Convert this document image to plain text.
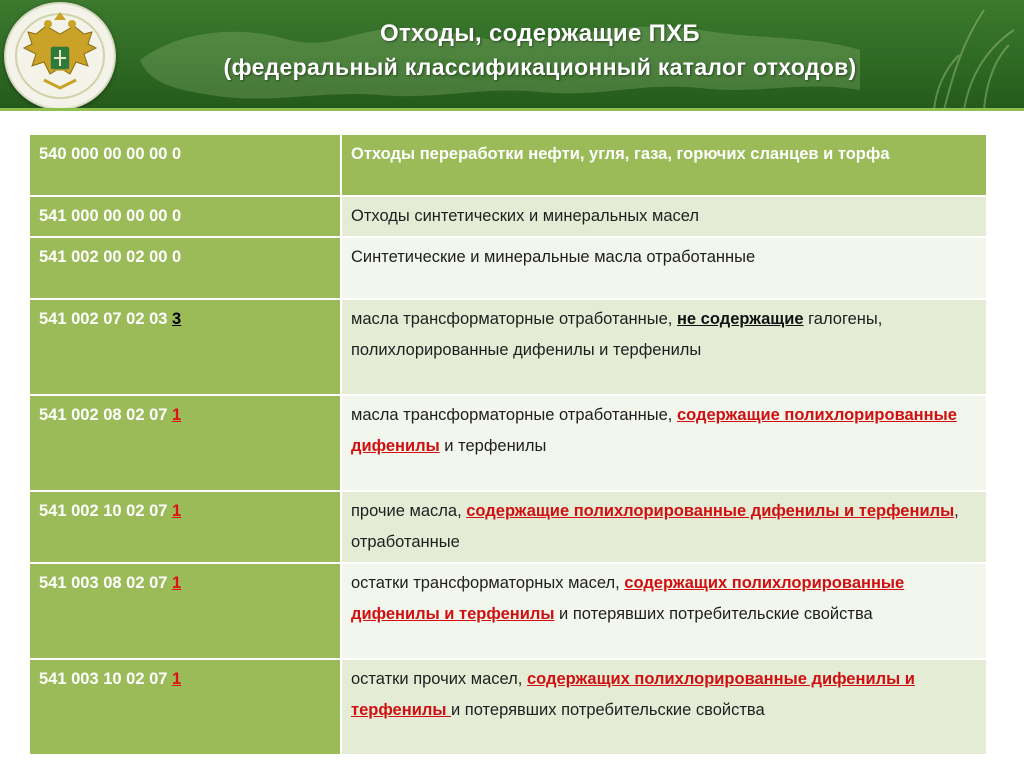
Отходы, содержащие ПХБ
(федеральный классификационный каталог отходов)
540 000 00 00 00 0	Отходы переработки нефти, угля, газа, горючих сланцев и торфа
541 000 00 00 00 0	Отходы синтетических и минеральных масел
541 002 00 02 00 0	Синтетические и минеральные масла отработанные
541 002 07 02 03 3	масла трансформаторные отработанные, не содержащие галогены, полихлорированные дифенилы и терфенилы
541 002 08 02 07 1	масла трансформаторные отработанные, содержащие полихлорированные дифенилы и терфенилы
541 002 10 02 07 1	прочие масла, содержащие полихлорированные дифенилы и терфенилы, отработанные
541 003 08 02 07 1	остатки трансформаторных масел, содержащих полихлорированные дифенилы и терфенилы и потерявших потребительские свойства
541 003 10 02 07 1	остатки прочих масел, содержащих полихлорированные дифенилы и терфенилы и потерявших потребительские свойства
